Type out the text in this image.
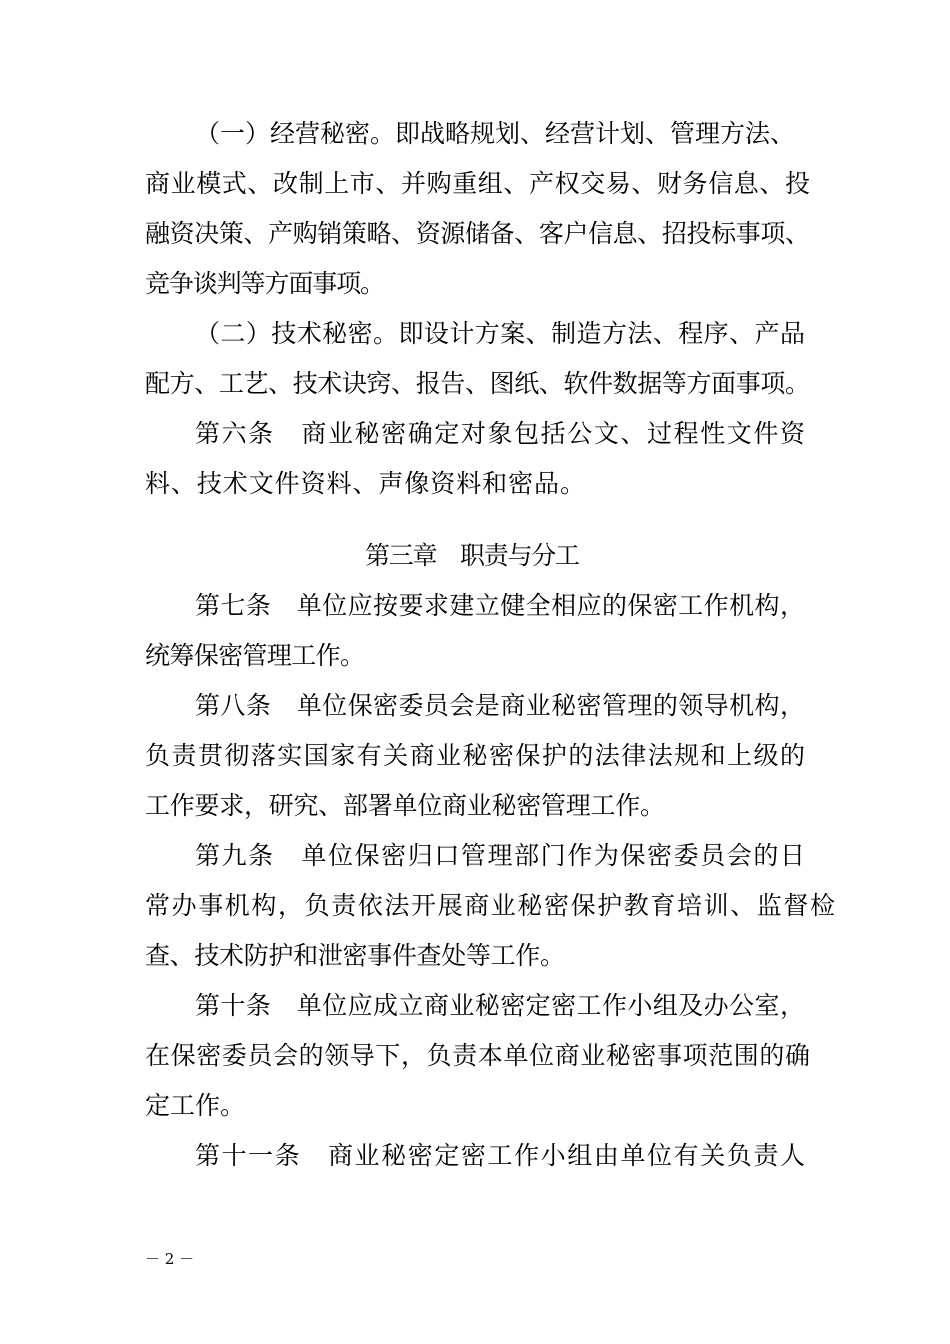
（一）经营秘密。即战略规划、经营计划、管理方法、
商业模式、改制上市、并购重组、产权交易、财务信息、投
融资决策、产购销策略、资源储备、客户信息、招投标事项、
竞争谈判等方面事项。
（二）技术秘密。即设计方案、制造方法、程序、产品
配方、工艺、技术诀窍、报告、图纸、软件数据等方面事项。
第六条　商业秘密确定对象包括公文、过程性文件资
料、技术文件资料、声像资料和密品。
第三章　职责与分工
第七条　单位应按要求建立健全相应的保密工作机构，
统筹保密管理工作。
第八条　单位保密委员会是商业秘密管理的领导机构，
负责贯彻落实国家有关商业秘密保护的法律法规和上级的
工作要求，研究、部署单位商业秘密管理工作。
第九条　单位保密归口管理部门作为保密委员会的日
常办事机构，负责依法开展商业秘密保护教育培训、监督检
查、技术防护和泄密事件查处等工作。
第十条　单位应成立商业秘密定密工作小组及办公室，
在保密委员会的领导下，负责本单位商业秘密事项范围的确
定工作。
第十一条　商业秘密定密工作小组由单位有关负责人
－ 2 －
